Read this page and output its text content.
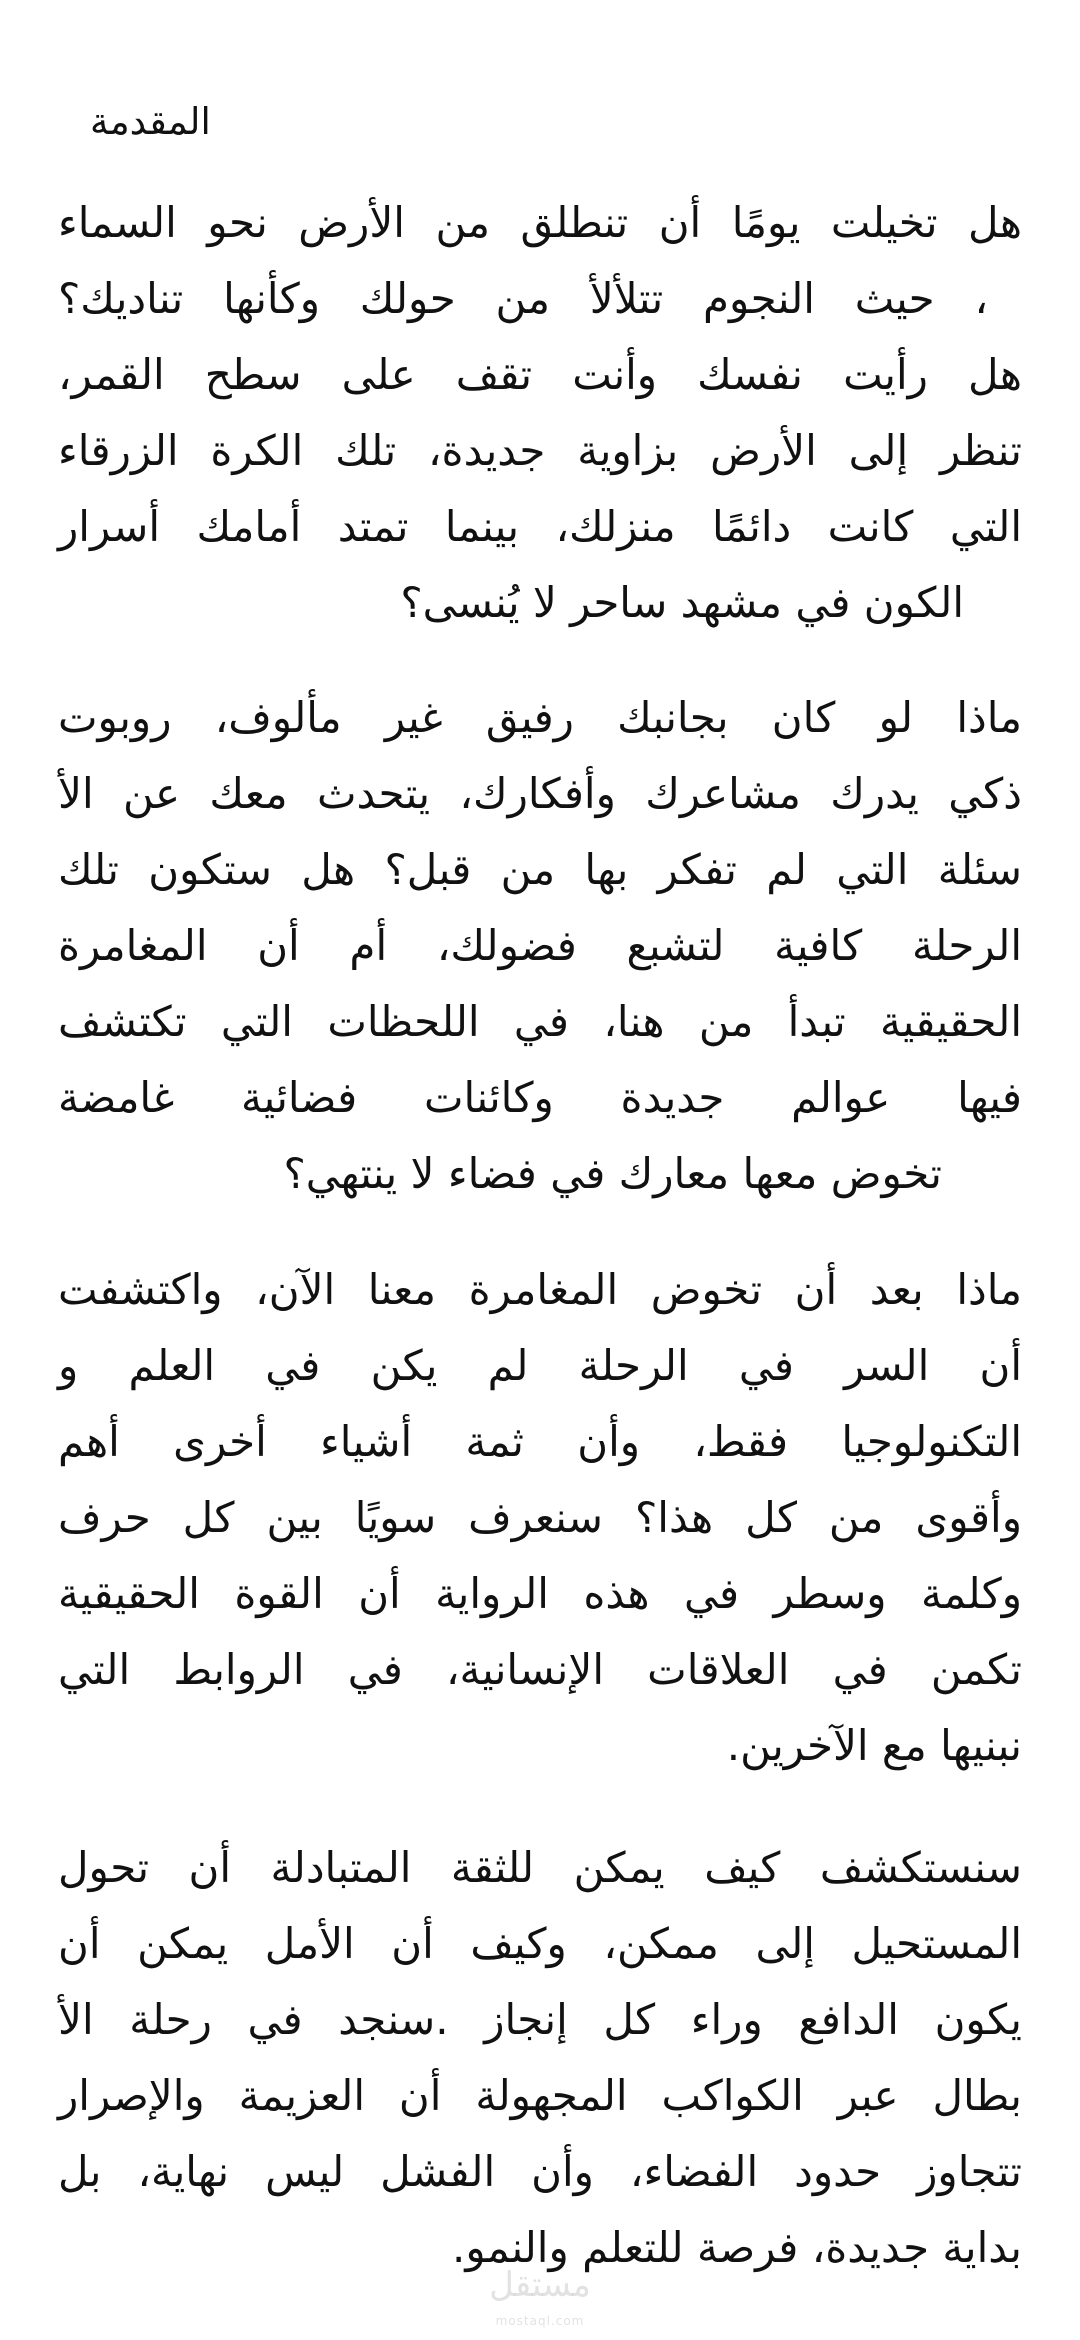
المقدمة
هل تخيلت يومًا أن تنطلق من الأرض نحو السماء
، حيث النجوم تتلألأ من حولك وكأنها تناديك؟
هل رأيت نفسك وأنت تقف على سطح القمر،
تنظر إلى الأرض بزاوية جديدة، تلك الكرة الزرقاء
التي كانت دائمًا منزلك، بينما تمتد أمامك أسرار
الكون في مشهد ساحر لا يُنسى؟
ماذا لو كان بجانبك رفيق غير مألوف، روبوت
ذكي يدرك مشاعرك وأفكارك، يتحدث معك عن الأ
سئلة التي لم تفكر بها من قبل؟ هل ستكون تلك
الرحلة كافية لتشبع فضولك، أم أن المغامرة
الحقيقية تبدأ من هنا، في اللحظات التي تكتشف
فيها عوالم جديدة وكائنات فضائية غامضة
تخوض معها معارك في فضاء لا ينتهي؟
ماذا بعد أن تخوض المغامرة معنا الآن، واكتشفت
أن السر في الرحلة لم يكن في العلم و
التكنولوجيا فقط، وأن ثمة أشياء أخرى أهم
وأقوى من كل هذا؟ سنعرف سويًا بين كل حرف
وكلمة وسطر في هذه الرواية أن القوة الحقيقية
تكمن في العلاقات الإنسانية، في الروابط التي
نبنيها مع الآخرين.
سنستكشف كيف يمكن للثقة المتبادلة أن تحول
المستحيل إلى ممكن، وكيف أن الأمل يمكن أن
يكون الدافع وراء كل إنجاز .سنجد في رحلة الأ
بطال عبر الكواكب المجهولة أن العزيمة والإصرار
تتجاوز حدود الفضاء، وأن الفشل ليس نهاية، بل
بداية جديدة، فرصة للتعلم والنمو.
مستقل
mostaql.com
